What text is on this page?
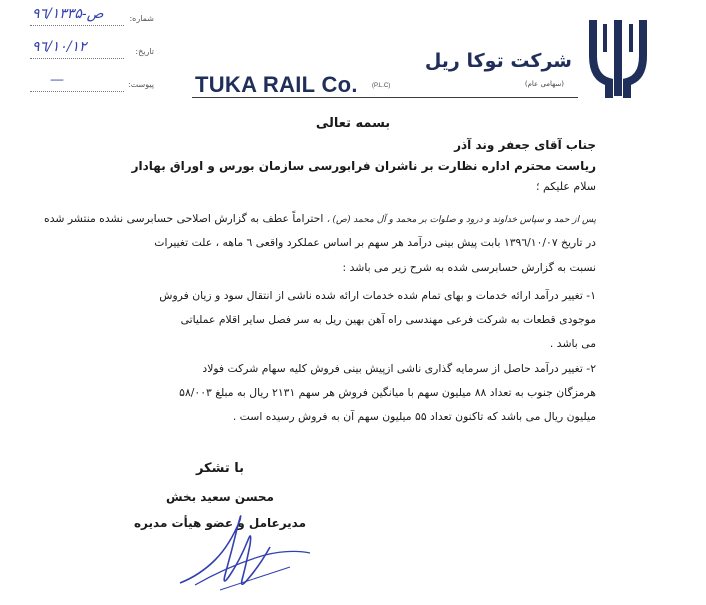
شرکت توکا ریل
(سهامی عام)
TUKA RAIL Co. (P.L.C)
شماره:
ص-۹٦/۱۳۳۵
تاریخ:
۹٦/۱۰/۱۲
پیوست:
—
بسمه تعالی
جناب آقای جعفر وند آذر
ریاست محترم اداره نظارت بر ناشران فرابورسی سازمان بورس و اوراق بهادار
سلام علیکم ؛
پس از حمد و سپاس خداوند و درود و صلوات بر محمد و آل محمد (ص) ، احتراماً عطف به گزارش اصلاحی حسابرسی نشده منتشر شده
در تاریخ ۱۳۹٦/۱۰/۰۷ بابت پیش بینی درآمد هر سهم بر اساس عملکرد واقعی ٦ ماهه ، علت تغییرات
نسبت به گزارش حسابرسی شده به شرح زیر می باشد :
۱- تغییر درآمد ارائه خدمات و بهای تمام شده خدمات ارائه شده ناشی از انتقال سود و زیان فروش
موجودی قطعات به شرکت فرعی مهندسی راه آهن بهین ریل به سر فصل سایر اقلام عملیاتی
می باشد .
۲- تغییر درآمد حاصل از سرمایه گذاری ناشی ازپیش بینی فروش کلیه سهام شرکت فولاد
هرمزگان جنوب به تعداد ۸۸ میلیون سهم با میانگین فروش هر سهم ۲۱۳۱ ریال به مبلغ ۵۸/۰۰۳
میلیون ریال می باشد که تاکنون تعداد ۵۵ میلیون سهم آن به فروش رسیده است .
با تشکر
محسن سعید بخش
مدیرعامل و عضو هیأت مدیره
